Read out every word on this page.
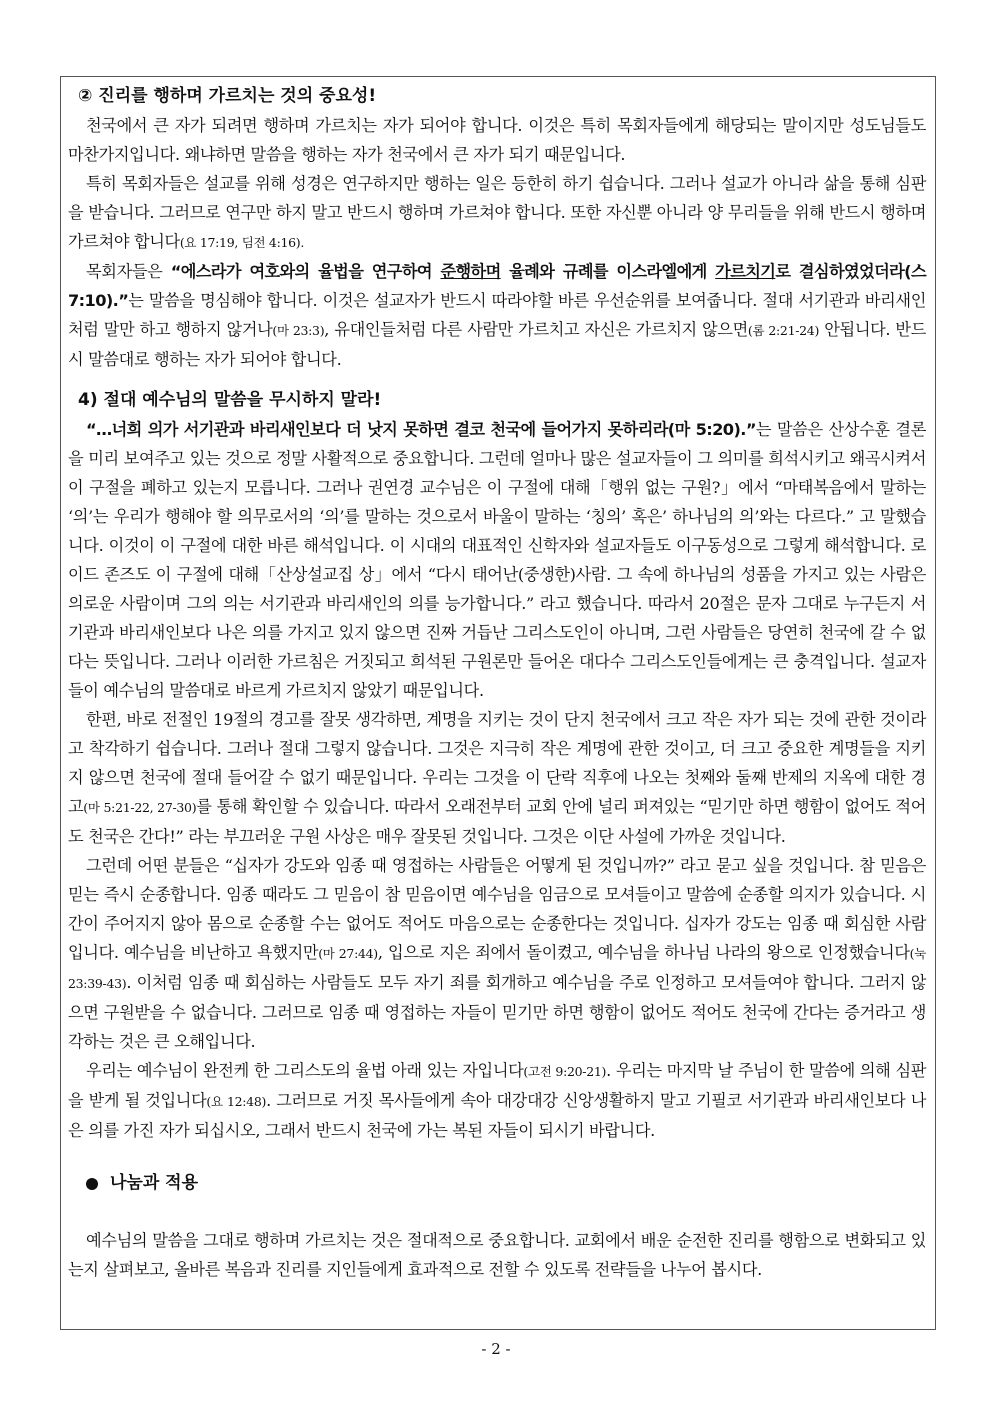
② 진리를 행하며 가르치는 것의 중요성!

천국에서 큰 자가 되려면 행하며 가르치는 자가 되어야 합니다. 이것은 특히 목회자들에게 해당되는 말이지만 성도님들도 마찬가지입니다. 왜냐하면 말씀을 행하는 자가 천국에서 큰 자가 되기 때문입니다.

특히 목회자들은 설교를 위해 성경은 연구하지만 행하는 일은 등한히 하기 쉽습니다. 그러나 설교가 아니라 삶을 통해 심판을 받습니다. 그러므로 연구만 하지 말고 반드시 행하며 가르쳐야 합니다. 또한 자신뿐 아니라 양 무리들을 위해 반드시 행하며 가르쳐야 합니다(요 17:19, 딤전 4:16).

목회자들은 “에스라가 여호와의 율법을 연구하여 준행하며 율례와 규례를 이스라엘에게 가르치기로 결심하였었더라(스 7:10).”는 말씀을 명심해야 합니다. 이것은 설교자가 반드시 따라야할 바른 우선순위를 보여줍니다. 절대 서기관과 바리새인처럼 말만 하고 행하지 않거나(마 23:3), 유대인들처럼 다른 사람만 가르치고 자신은 가르치지 않으면(롬 2:21-24) 안됩니다. 반드시 말씀대로 행하는 자가 되어야 합니다.

4) 절대 예수님의 말씀을 무시하지 말라!

“…너희 의가 서기관과 바리새인보다 더 낫지 못하면 결코 천국에 들어가지 못하리라(마 5:20).”는 말씀은 산상수훈 결론을 미리 보여주고 있는 것으로 정말 사활적으로 중요합니다. 그런데 얼마나 많은 설교자들이 그 의미를 희석시키고 왜곡시켜서 이 구절을 폐하고 있는지 모릅니다. 그러나 권연경 교수님은 이 구절에 대해「행위 없는 구원?」에서 “마태복음에서 말하는 ‘의’는 우리가 행해야 할 의무로서의 ‘의’를 말하는 것으로서 바울이 말하는 ‘칭의’ 혹은’ 하나님의 의’와는 다르다.” 고 말했습니다. 이것이 이 구절에 대한 바른 해석입니다. 이 시대의 대표적인 신학자와 설교자들도 이구동성으로 그렇게 해석합니다. 로이드 존즈도 이 구절에 대해「산상설교집 상」에서 “다시 태어난(중생한)사람. 그 속에 하나님의 성품을 가지고 있는 사람은 의로운 사람이며 그의 의는 서기관과 바리새인의 의를 능가합니다.” 라고 했습니다. 따라서 20절은 문자 그대로 누구든지 서기관과 바리새인보다 나은 의를 가지고 있지 않으면 진짜 거듭난 그리스도인이 아니며, 그런 사람들은 당연히 천국에 갈 수 없다는 뜻입니다. 그러나 이러한 가르침은 거짓되고 희석된 구원론만 들어온 대다수 그리스도인들에게는 큰 충격입니다. 설교자들이 예수님의 말씀대로 바르게 가르치지 않았기 때문입니다.

한편, 바로 전절인 19절의 경고를 잘못 생각하면, 계명을 지키는 것이 단지 천국에서 크고 작은 자가 되는 것에 관한 것이라고 착각하기 쉽습니다. 그러나 절대 그렇지 않습니다. 그것은 지극히 작은 계명에 관한 것이고, 더 크고 중요한 계명들을 지키지 않으면 천국에 절대 들어갈 수 없기 때문입니다. 우리는 그것을 이 단락 직후에 나오는 첫째와 둘째 반제의 지옥에 대한 경고(마 5:21-22, 27-30)를 통해 확인할 수 있습니다. 따라서 오래전부터 교회 안에 널리 퍼져있는 “믿기만 하면 행함이 없어도 적어도 천국은 간다!” 라는 부끄러운 구원 사상은 매우 잘못된 것입니다. 그것은 이단 사설에 가까운 것입니다.

그런데 어떤 분들은 “십자가 강도와 임종 때 영접하는 사람들은 어떻게 된 것입니까?” 라고 묻고 싶을 것입니다. 참 믿음은 믿는 즉시 순종합니다. 임종 때라도 그 믿음이 참 믿음이면 예수님을 임금으로 모셔들이고 말씀에 순종할 의지가 있습니다. 시간이 주어지지 않아 몸으로 순종할 수는 없어도 적어도 마음으로는 순종한다는 것입니다. 십자가 강도는 임종 때 회심한 사람입니다. 예수님을 비난하고 욕했지만(마 27:44), 입으로 지은 죄에서 돌이켰고, 예수님을 하나님 나라의 왕으로 인정했습니다(눅 23:39-43). 이처럼 임종 때 회심하는 사람들도 모두 자기 죄를 회개하고 예수님을 주로 인정하고 모셔들여야 합니다. 그러지 않으면 구원받을 수 없습니다. 그러므로 임종 때 영접하는 자들이 믿기만 하면 행함이 없어도 적어도 천국에 간다는 증거라고 생각하는 것은 큰 오해입니다.

우리는 예수님이 완전케 한 그리스도의 율법 아래 있는 자입니다(고전 9:20-21). 우리는 마지막 날 주님이 한 말씀에 의해 심판을 받게 될 것입니다(요 12:48). 그러므로 거짓 목사들에게 속아 대강대강 신앙생활하지 말고 기필코 서기관과 바리새인보다 나은 의를 가진 자가 되십시오, 그래서 반드시 천국에 가는 복된 자들이 되시기 바랍니다.

나눔과 적용

예수님의 말씀을 그대로 행하며 가르치는 것은 절대적으로 중요합니다. 교회에서 배운 순전한 진리를 행함으로 변화되고 있는지 살펴보고, 올바른 복음과 진리를 지인들에게 효과적으로 전할 수 있도록 전략들을 나누어 봅시다.

- 2 -
